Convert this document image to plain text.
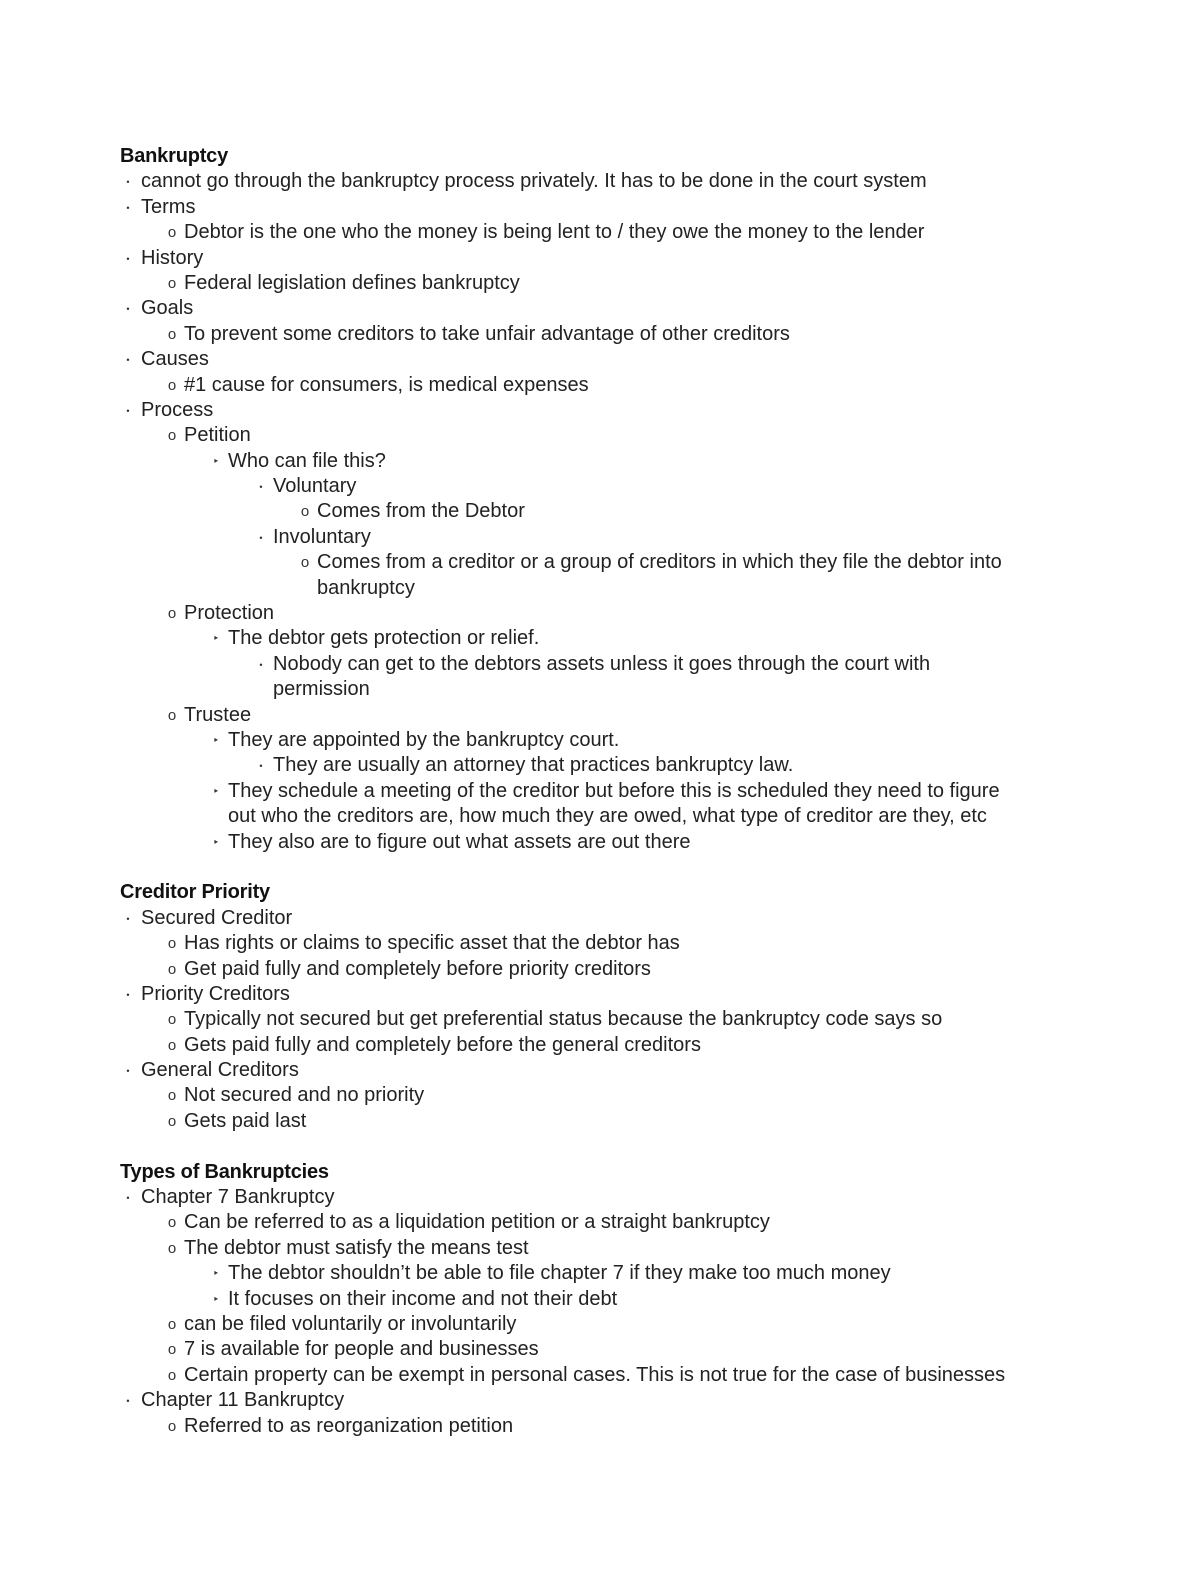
Bankruptcy
• cannot go through the bankruptcy process privately. It has to be done in the court system
• Terms
o Debtor is the one who the money is being lent to / they owe the money to the lender
• History
o Federal legislation defines bankruptcy
• Goals
o To prevent some creditors to take unfair advantage of other creditors
• Causes
o #1 cause for consumers, is medical expenses
• Process
o Petition
‣ Who can file this?
• Voluntary
o Comes from the Debtor
• Involuntary
o Comes from a creditor or a group of creditors in which they file the debtor into
bankruptcy
o Protection
‣ The debtor gets protection or relief.
• Nobody can get to the debtors assets unless it goes through the court with
permission
o Trustee
‣ They are appointed by the bankruptcy court.
• They are usually an attorney that practices bankruptcy law.
‣ They schedule a meeting of the creditor but before this is scheduled they need to figure
out who the creditors are, how much they are owed, what type of creditor are they, etc
‣ They also are to figure out what assets are out there
Creditor Priority
• Secured Creditor
o Has rights or claims to specific asset that the debtor has
o Get paid fully and completely before priority creditors
• Priority Creditors
o Typically not secured but get preferential status because the bankruptcy code says so
o Gets paid fully and completely before the general creditors
• General Creditors
o Not secured and no priority
o Gets paid last
Types of Bankruptcies
• Chapter 7 Bankruptcy
o Can be referred to as a liquidation petition or a straight bankruptcy
o The debtor must satisfy the means test
‣ The debtor shouldn’t be able to file chapter 7 if they make too much money
‣ It focuses on their income and not their debt
o can be filed voluntarily or involuntarily
o 7 is available for people and businesses
o Certain property can be exempt in personal cases. This is not true for the case of businesses
• Chapter 11 Bankruptcy
o Referred to as reorganization petition
